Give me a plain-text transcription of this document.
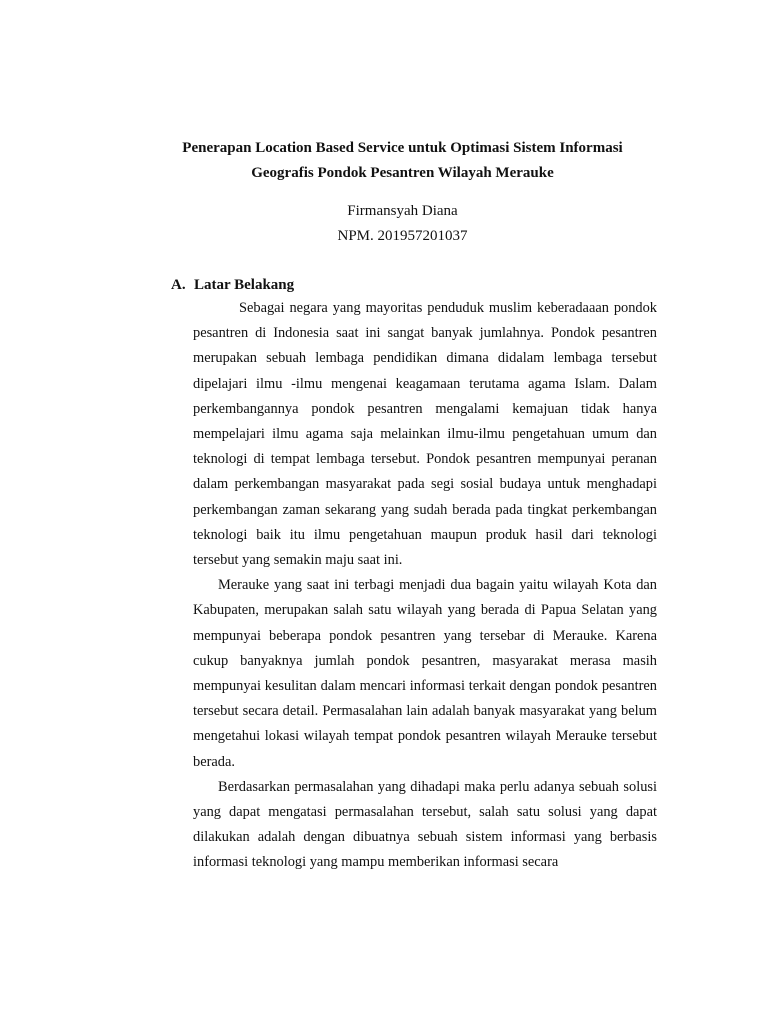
Penerapan Location Based Service untuk Optimasi Sistem Informasi
Geografis Pondok Pesantren Wilayah Merauke
Firmansyah Diana
NPM. 201957201037
A. Latar Belakang

Sebagai negara yang mayoritas penduduk muslim keberadaaan pondok pesantren di Indonesia saat ini sangat banyak jumlahnya. Pondok pesantren merupakan sebuah lembaga pendidikan dimana didalam lembaga tersebut dipelajari ilmu -ilmu mengenai keagamaan terutama agama Islam. Dalam perkembangannya pondok pesantren mengalami kemajuan tidak hanya mempelajari ilmu agama saja melainkan ilmu-ilmu pengetahuan umum dan teknologi di tempat lembaga tersebut. Pondok pesantren mempunyai peranan dalam perkembangan masyarakat pada segi sosial budaya untuk menghadapi perkembangan zaman sekarang yang sudah berada pada tingkat perkembangan teknologi baik itu ilmu pengetahuan maupun produk hasil dari teknologi tersebut yang semakin maju saat ini.

Merauke yang saat ini terbagi menjadi dua bagain yaitu wilayah Kota dan Kabupaten, merupakan salah satu wilayah yang berada di Papua Selatan yang mempunyai beberapa pondok pesantren yang tersebar di Merauke. Karena cukup banyaknya jumlah pondok pesantren, masyarakat merasa masih mempunyai kesulitan dalam mencari informasi terkait dengan pondok pesantren tersebut secara detail. Permasalahan lain adalah banyak masyarakat yang belum mengetahui lokasi wilayah tempat pondok pesantren wilayah Merauke tersebut berada.

Berdasarkan permasalahan yang dihadapi maka perlu adanya sebuah solusi yang dapat mengatasi permasalahan tersebut, salah satu solusi yang dapat dilakukan adalah dengan dibuatnya sebuah sistem informasi yang berbasis informasi teknologi yang mampu memberikan informasi secara
